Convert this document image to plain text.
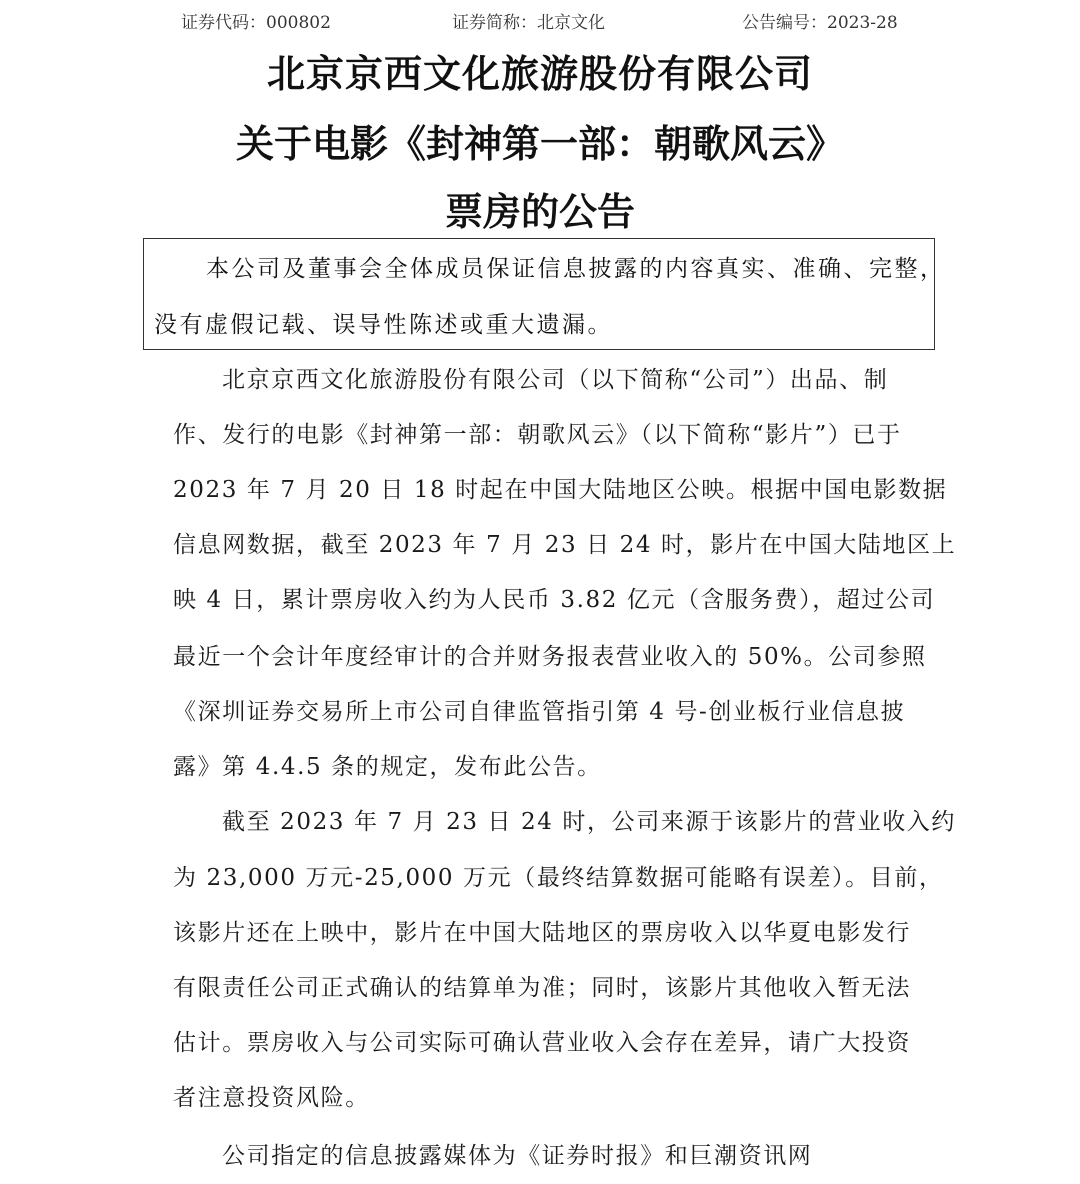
证券代码：000802	证券简称：北京文化	公告编号：2023-28
北京京西文化旅游股份有限公司
关于电影《封神第一部：朝歌风云》
票房的公告

本公司及董事会全体成员保证信息披露的内容真实、准确、完整，

没有虚假记载、误导性陈述或重大遗漏。

北京京西文化旅游股份有限公司（以下简称“公司”）出品、制
作、发行的电影《封神第一部：朝歌风云》（以下简称“影片”）已于
2023 年 7 月 20 日 18 时起在中国大陆地区公映。根据中国电影数据
信息网数据，截至 2023 年 7 月 23 日 24 时，影片在中国大陆地区上
映 4 日，累计票房收入约为人民币 3.82 亿元（含服务费），超过公司
最近一个会计年度经审计的合并财务报表营业收入的 50%。公司参照
《深圳证券交易所上市公司自律监管指引第 4 号-创业板行业信息披
露》第 4.4.5 条的规定，发布此公告。
截至 2023 年 7 月 23 日 24 时，公司来源于该影片的营业收入约
为 23,000 万元-25,000 万元（最终结算数据可能略有误差）。目前，
该影片还在上映中，影片在中国大陆地区的票房收入以华夏电影发行
有限责任公司正式确认的结算单为准；同时，该影片其他收入暂无法
估计。票房收入与公司实际可确认营业收入会存在差异，请广大投资
者注意投资风险。
公司指定的信息披露媒体为《证券时报》和巨潮资讯网
